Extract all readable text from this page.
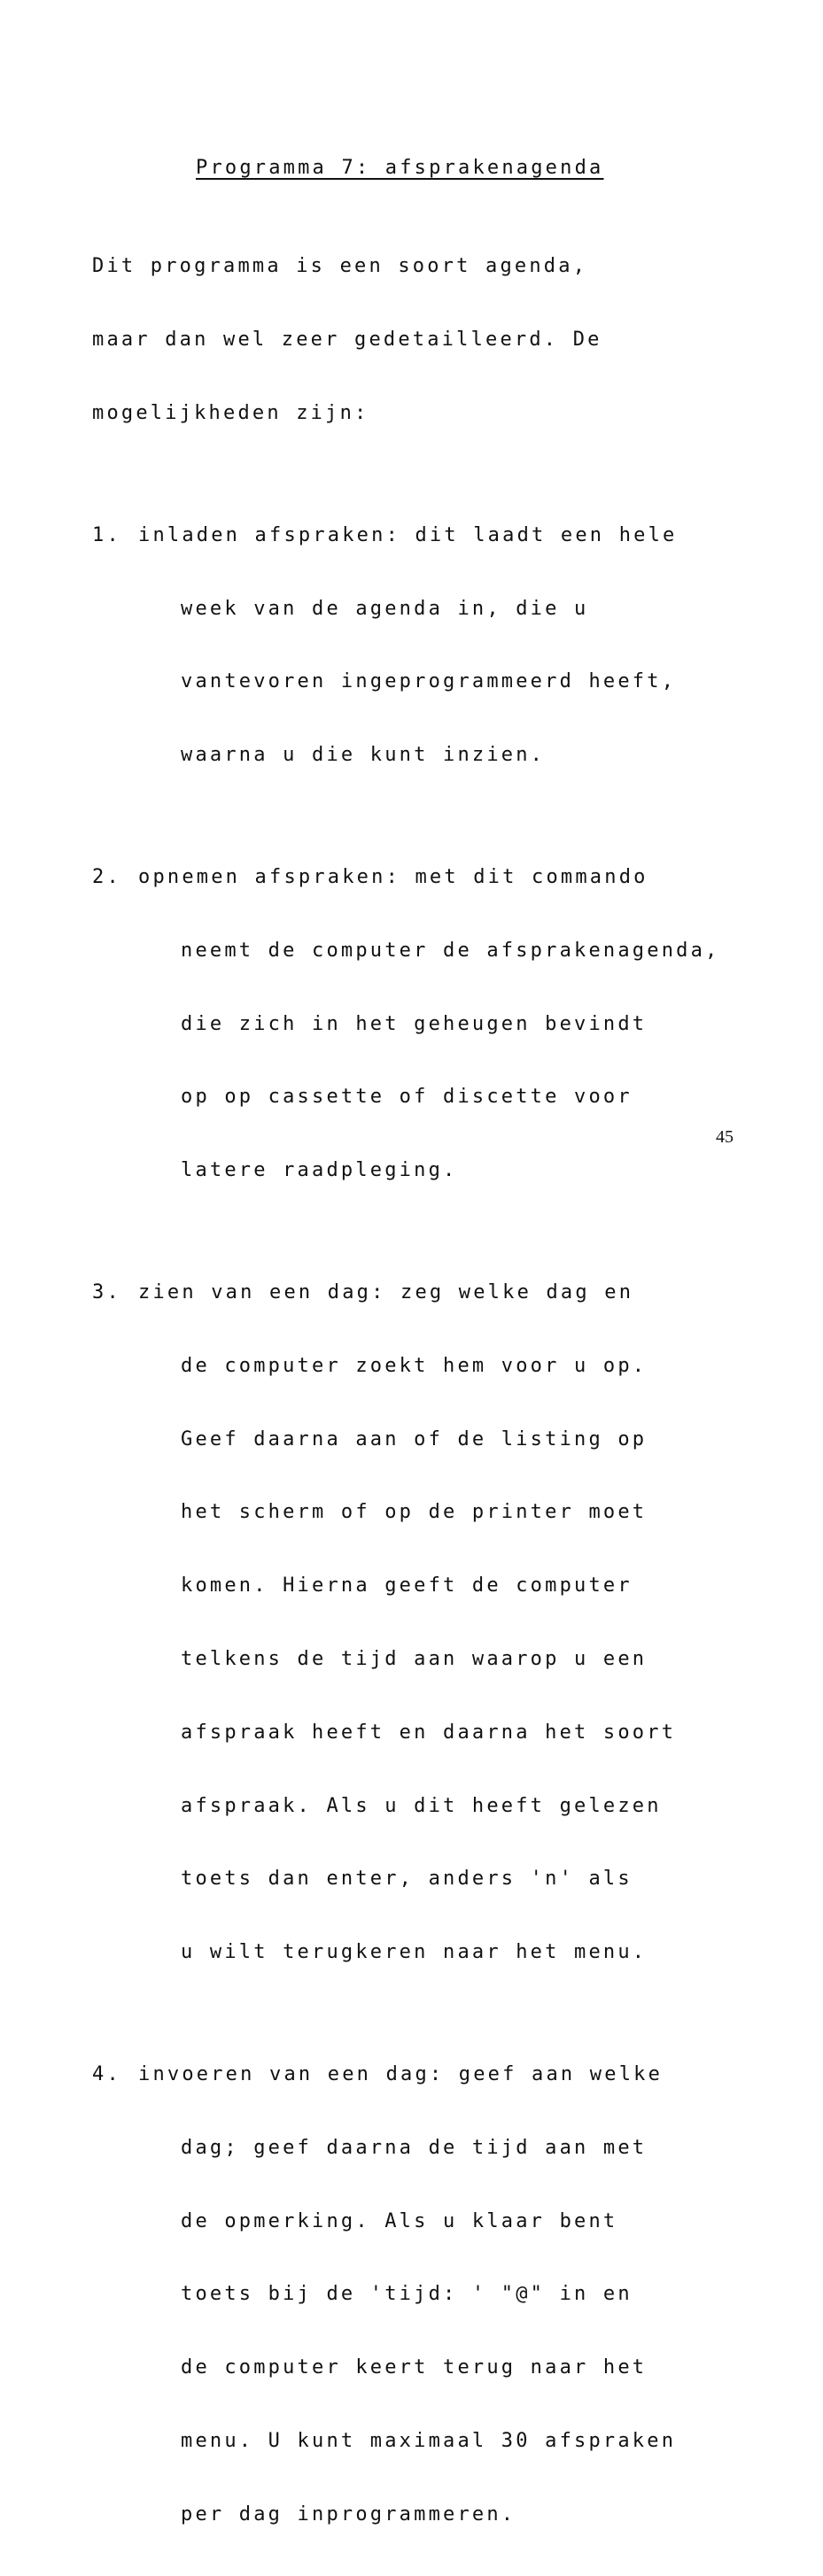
Programma 7: afsprakenagenda

Dit programma is een soort agenda,

maar dan wel zeer gedetailleerd. De

mogelijkheden zijn:

1. inladen afspraken: dit laadt een hele

week van de agenda in, die u

vantevoren ingeprogrammeerd heeft,

waarna u die kunt inzien.

2. opnemen afspraken: met dit commando

neemt de computer de afsprakenagenda,

die zich in het geheugen bevindt

op op cassette of discette voor

latere raadpleging.

3. zien van een dag: zeg welke dag en

de computer zoekt hem voor u op.

Geef daarna aan of de listing op

het scherm of op de printer moet

komen. Hierna geeft de computer

telkens de tijd aan waarop u een

afspraak heeft en daarna het soort

afspraak. Als u dit heeft gelezen

toets dan enter, anders 'n' als

u wilt terugkeren naar het menu.

4. invoeren van een dag: geef aan welke

dag; geef daarna de tijd aan met

de opmerking. Als u klaar bent

toets bij de 'tijd: ' "@" in en

de computer keert terug naar het

menu. U kunt maximaal 30 afspraken

per dag inprogrammeren.

45
